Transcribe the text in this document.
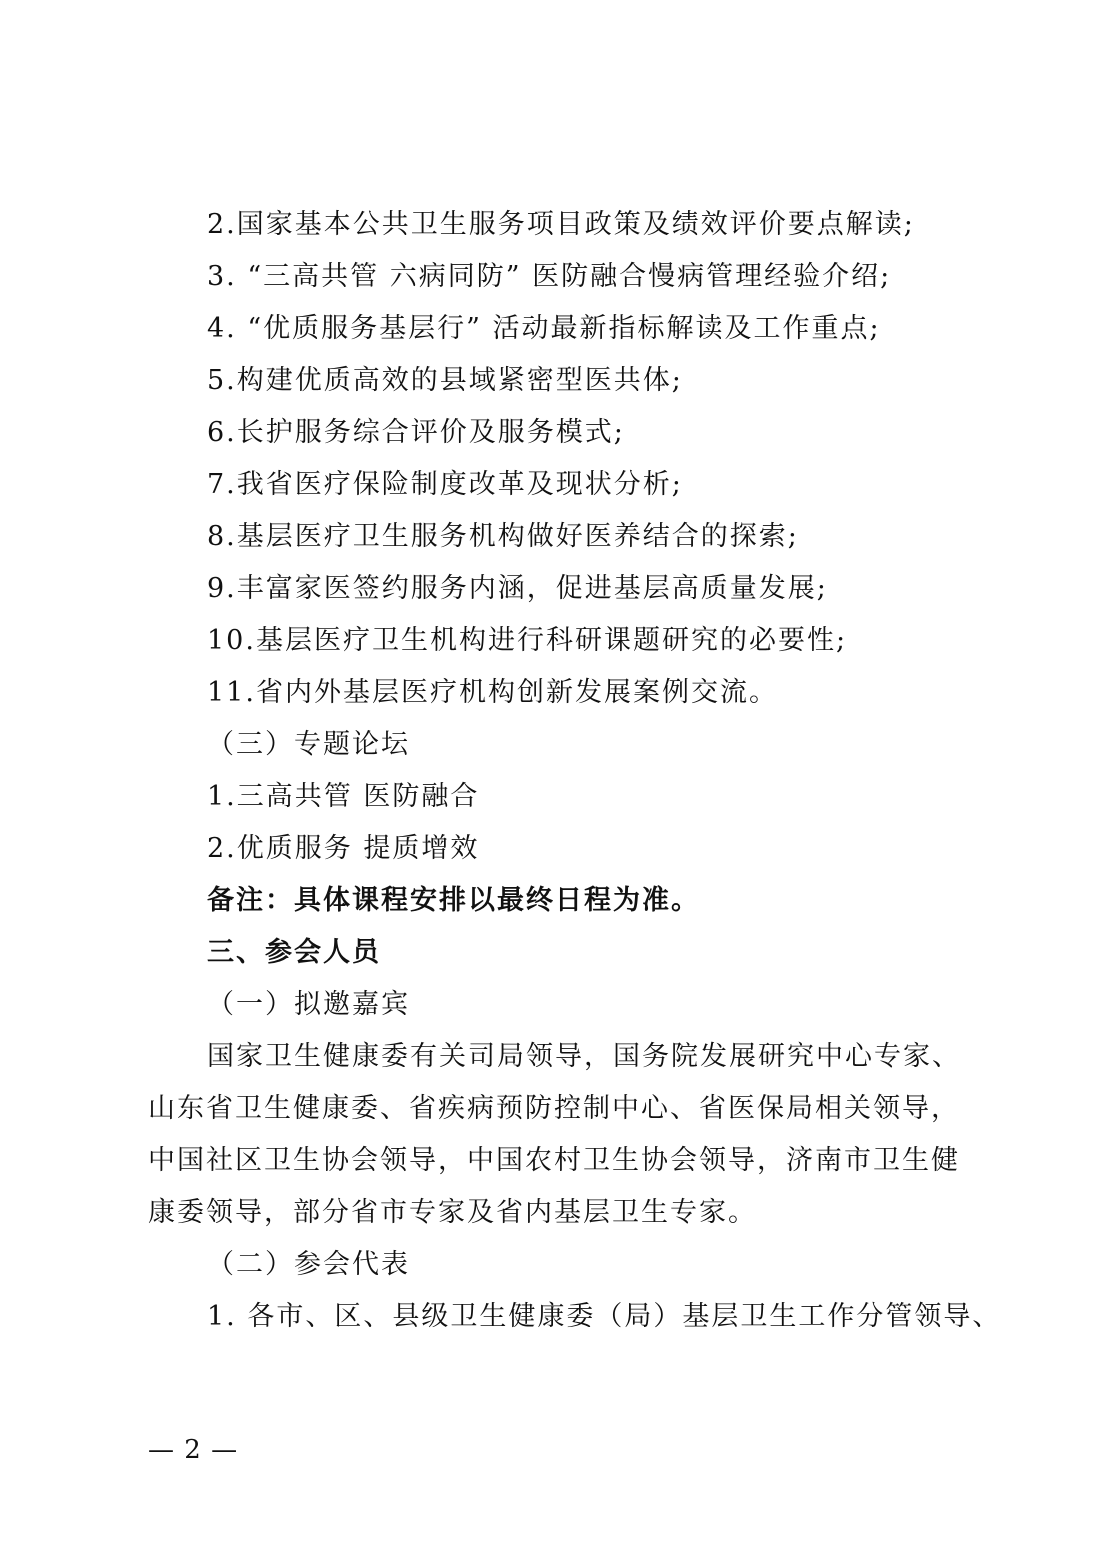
2.国家基本公共卫生服务项目政策及绩效评价要点解读;
3. “三高共管 六病同防” 医防融合慢病管理经验介绍;
4. “优质服务基层行” 活动最新指标解读及工作重点;
5.构建优质高效的县域紧密型医共体;
6.长护服务综合评价及服务模式;
7.我省医疗保险制度改革及现状分析;
8.基层医疗卫生服务机构做好医养结合的探索;
9.丰富家医签约服务内涵，促进基层高质量发展;
10.基层医疗卫生机构进行科研课题研究的必要性;
11.省内外基层医疗机构创新发展案例交流。
（三）专题论坛
1.三高共管 医防融合
2.优质服务 提质增效
备注：具体课程安排以最终日程为准。
三、参会人员
（一）拟邀嘉宾
国家卫生健康委有关司局领导，国务院发展研究中心专家、
山东省卫生健康委、省疾病预防控制中心、省医保局相关领导，
中国社区卫生协会领导，中国农村卫生协会领导，济南市卫生健
康委领导，部分省市专家及省内基层卫生专家。
（二）参会代表
1. 各市、区、县级卫生健康委（局）基层卫生工作分管领导、
— 2 —
